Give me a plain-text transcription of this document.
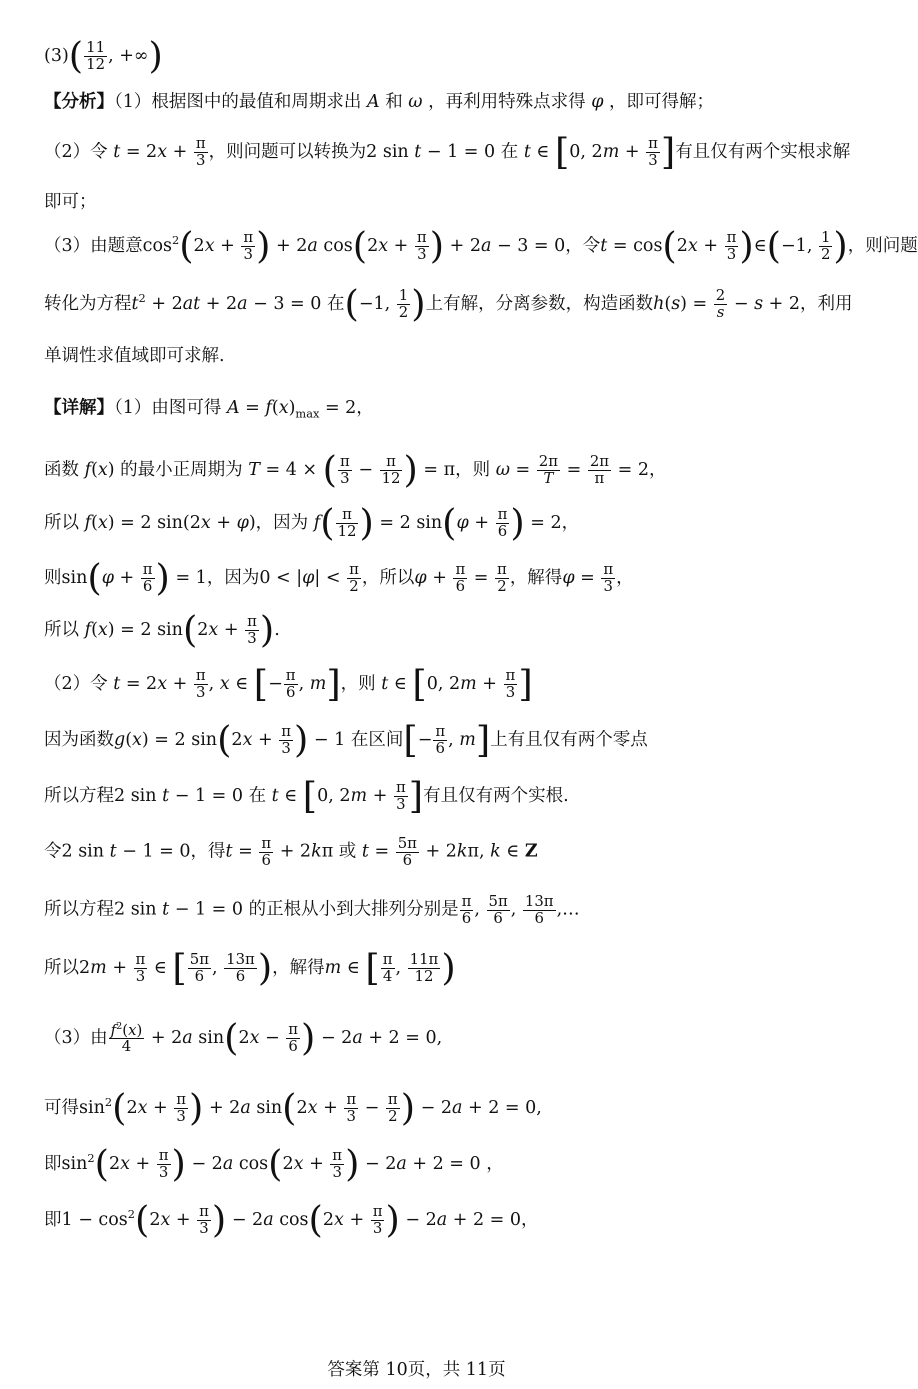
$(3)( \frac{11}{12}$ , +∞)
【分析】（1）根据图中的最值和周期求出 A 和 ω ，再利用特殊点求得 φ ，即可得解；
（2）令 $t = 2x + \frac{\pi}{3}$ ，则问题可以转换为2 sin t − 1 = 0 在 t ∈ [0, $2m + \frac{\pi}{3}$ ]有且仅有两个实根求解
即可；
（3）由题意$\cos^2(2x + \frac{\pi}{3}$ ) + 2a $\cos(2x + \frac{\pi}{3}$ ) + 2a − 3 = 0，令$t = \cos(2x + \frac{\pi}{3}$ )∈(−1, $\frac{1}{2}$ )，则问题
转化为方程$t^2 + 2at + 2a - 3 = 0$ 在(−1, $\frac{1}{2}$ )上有解，分离参数，构造函数$h(s) = \frac{2}{s} - s + 2$，利用
单调性求值域即可求解.
【详解】（1）由图可得 $A = f(x)_{max} = 2$，
函数 f(x) 的最小正周期为 T = 4 × ( $\frac{\pi}{3} - \frac{\pi}{12}$ ) = π，则 $\omega = \frac{2\pi}{T} = \frac{2\pi}{\pi} = 2$，
所以 f(x) = 2 sin(2x + φ)，因为 $f( \frac{\pi}{12}$ ) = 2 $\sin(\varphi + \frac{\pi}{6}$ ) = 2，
则$\sin(\varphi + \frac{\pi}{6}$ ) = 1，因为$0 < |\varphi| < \frac{\pi}{2}$ ，所以$\varphi + \frac{\pi}{6} = \frac{\pi}{2}$ ，解得$\varphi = \frac{\pi}{3}$ ，
所以 f(x) = 2 $\sin(2x + \frac{\pi}{3}$ ).
（2）令 $t = 2x + \frac{\pi}{3}$ , x ∈ [− $\frac{\pi}{6}$ , m]，则 t ∈ [0, $2m + \frac{\pi}{3}$ ]
因为函数g(x) = 2 $\sin(2x + \frac{\pi}{3}$ ) − 1 在区间[− $\frac{\pi}{6}$ , m]上有且仅有两个零点
所以方程2 sin t − 1 = 0 在 t ∈ [0, $2m + \frac{\pi}{3}$ ]有且仅有两个实根.
令2 sin t − 1 = 0，得$t = \frac{\pi}{6} + 2k\pi$ 或 $t = \frac{5\pi}{6} + 2k\pi$, k ∈ Z
所以方程2 sin t − 1 = 0 的正根从小到大排列分别是 $\frac{\pi}{6}$ , $\frac{5\pi}{6}$ , $\frac{13\pi}{6}$ ,…
所以$2m + \frac{\pi}{3}$ ∈ [ $\frac{5\pi}{6}$ , $\frac{13\pi}{6}$ )，解得m ∈ [ $\frac{\pi}{4}$ , $\frac{11\pi}{12}$ )
（3）由 $\frac{f^2(x)}{4} + 2a$ $\sin(2x - \frac{\pi}{6}$ ) − 2a + 2 = 0,
可得$\sin^2(2x + \frac{\pi}{3}$ ) + 2a $\sin(2x + \frac{\pi}{3} - \frac{\pi}{2}$ ) − 2a + 2 = 0,
即$\sin^2(2x + \frac{\pi}{3}$ ) − 2a $\cos(2x + \frac{\pi}{3}$ ) − 2a + 2 = 0 ，
即$1 - \cos^2(2x + \frac{\pi}{3}$ ) − 2a $\cos(2x + \frac{\pi}{3}$ ) − 2a + 2 = 0，
答案第 10页，共 11页
